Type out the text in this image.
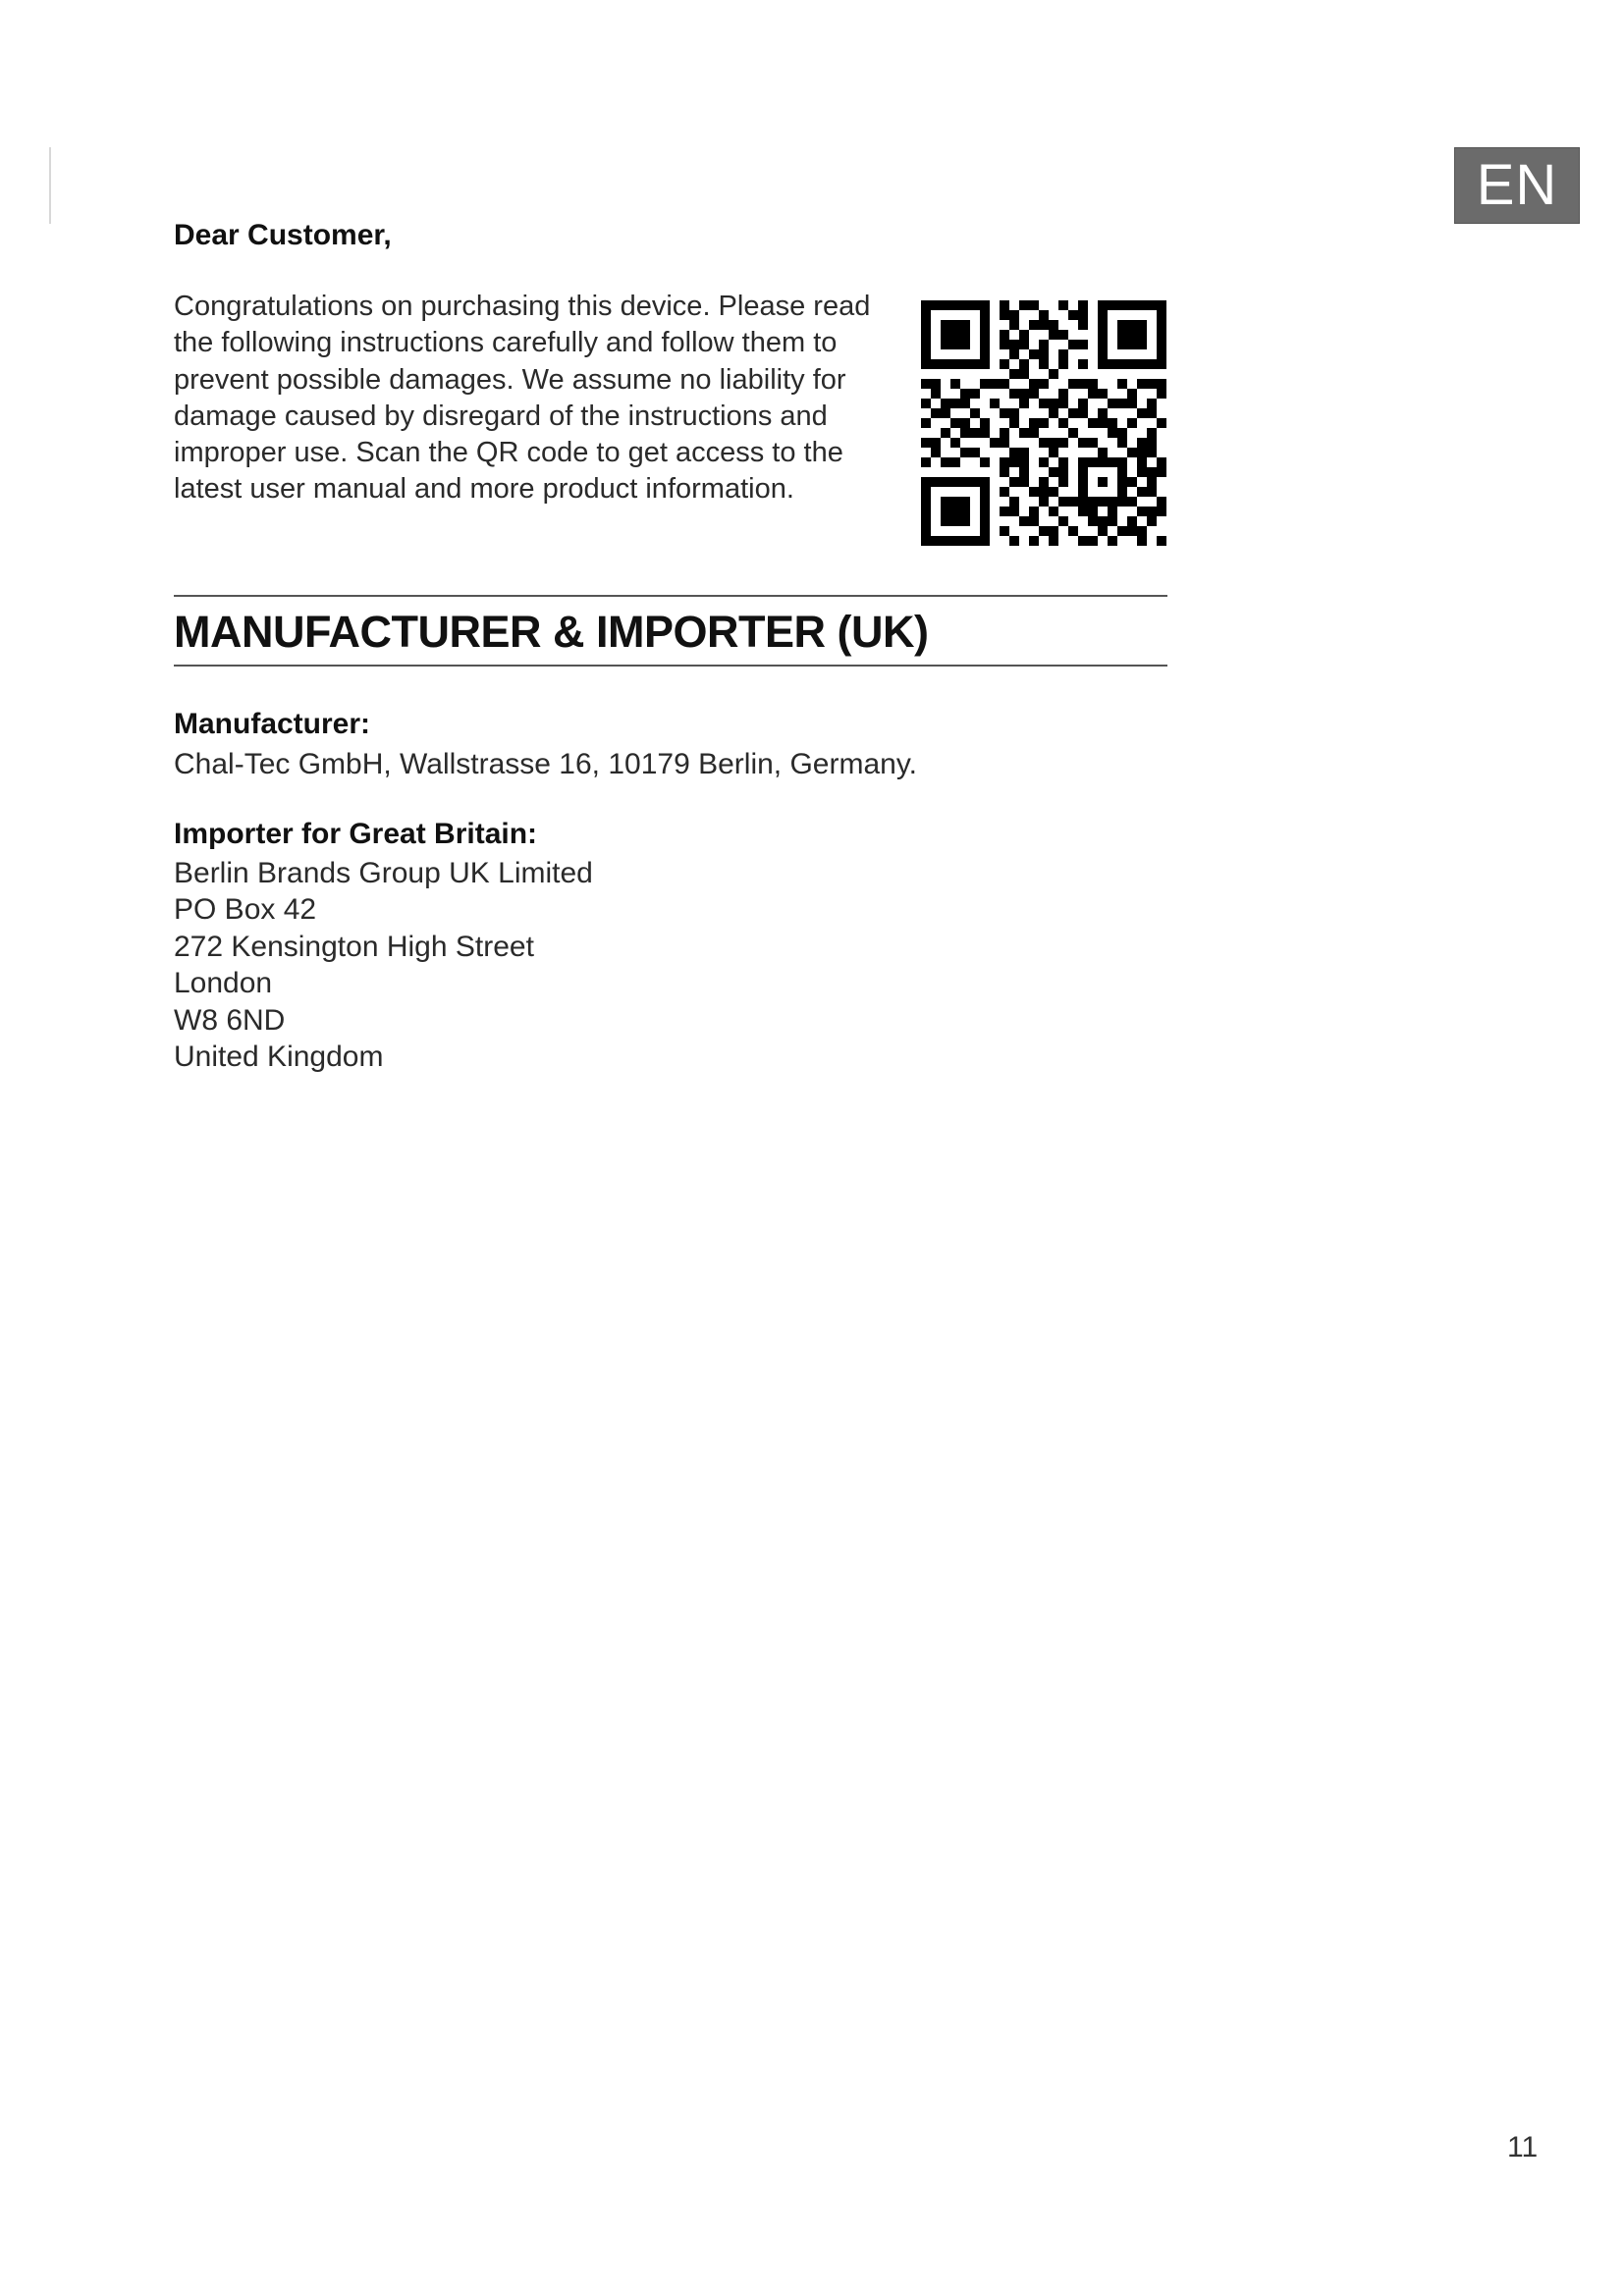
EN
Dear Customer,
Congratulations on purchasing this device. Please read
the following instructions carefully and follow them to
prevent possible damages. We assume no liability for
damage caused by disregard of the instructions and
improper use. Scan the QR code to get access to the
latest user manual and more product information.
MANUFACTURER & IMPORTER (UK)
Manufacturer:
Chal-Tec GmbH, Wallstrasse 16, 10179 Berlin, Germany.
Importer for Great Britain:
Berlin Brands Group UK Limited
PO Box 42
272 Kensington High Street
London
W8 6ND
United Kingdom
11
